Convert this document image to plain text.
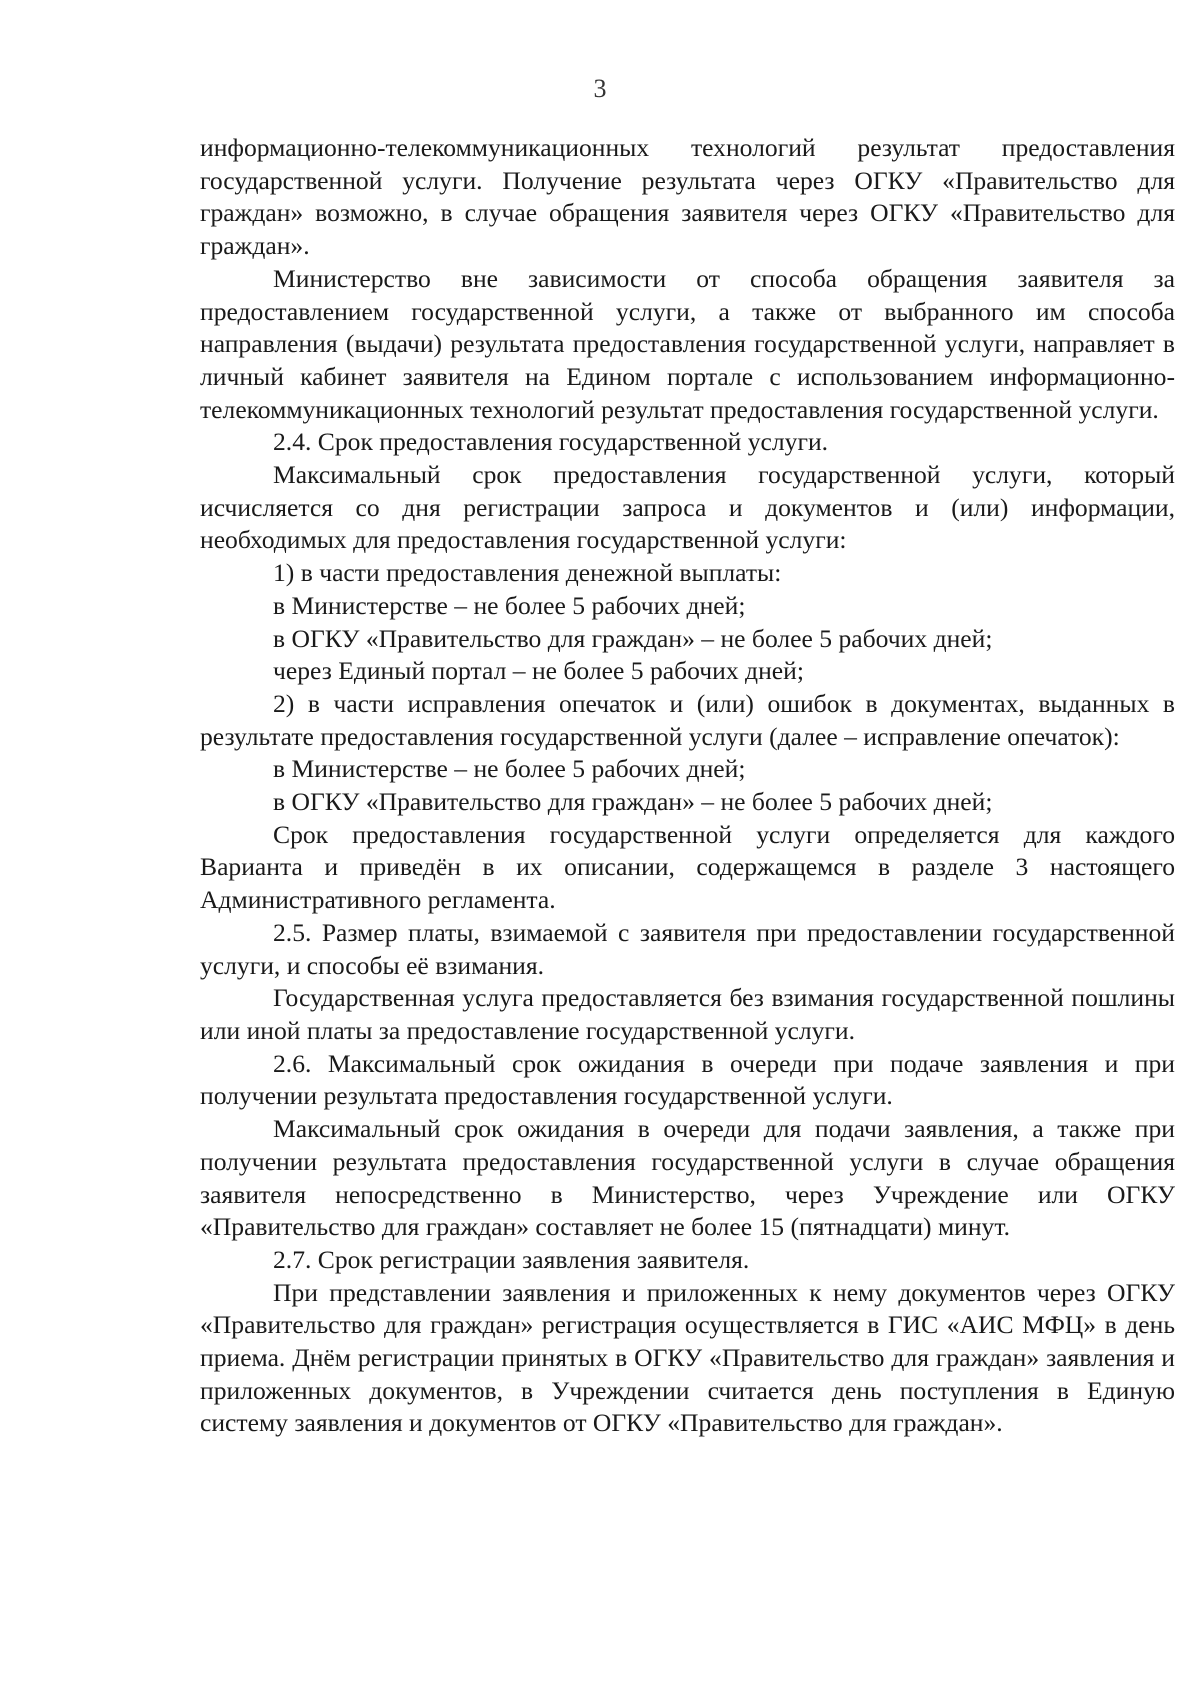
3

информационно-телекоммуникационных технологий результат предоставления государственной услуги. Получение результата через ОГКУ «Правительство для граждан» возможно, в случае обращения заявителя через ОГКУ «Правительство для граждан».

Министерство вне зависимости от способа обращения заявителя за предоставлением государственной услуги, а также от выбранного им способа направления (выдачи) результата предоставления государственной услуги, направляет в личный кабинет заявителя на Едином портале с использованием информационно-телекоммуникационных технологий результат предоставления государственной услуги.

2.4. Срок предоставления государственной услуги.

Максимальный срок предоставления государственной услуги, который исчисляется со дня регистрации запроса и документов и (или) информации, необходимых для предоставления государственной услуги:

1) в части предоставления денежной выплаты:

в Министерстве – не более 5 рабочих дней;

в ОГКУ «Правительство для граждан» – не более 5 рабочих дней;

через Единый портал – не более 5 рабочих дней;

2) в части исправления опечаток и (или) ошибок в документах, выданных в результате предоставления государственной услуги (далее – исправление опечаток):

в Министерстве – не более 5 рабочих дней;

в ОГКУ «Правительство для граждан» – не более 5 рабочих дней;

Срок предоставления государственной услуги определяется для каждого Варианта и приведён в их описании, содержащемся в разделе 3 настоящего Административного регламента.

2.5. Размер платы, взимаемой с заявителя при предоставлении государственной услуги, и способы её взимания.

Государственная услуга предоставляется без взимания государственной пошлины или иной платы за предоставление государственной услуги.

2.6. Максимальный срок ожидания в очереди при подаче заявления и при получении результата предоставления государственной услуги.

Максимальный срок ожидания в очереди для подачи заявления, а также при получении результата предоставления государственной услуги в случае обращения заявителя непосредственно в Министерство, через Учреждение или ОГКУ «Правительство для граждан» составляет не более 15 (пятнадцати) минут.

2.7. Срок регистрации заявления заявителя.

При представлении заявления и приложенных к нему документов через ОГКУ «Правительство для граждан» регистрация осуществляется в ГИС «АИС МФЦ» в день приема. Днём регистрации принятых в ОГКУ «Правительство для граждан» заявления и приложенных документов, в Учреждении считается день поступления в Единую систему заявления и документов от ОГКУ «Правительство для граждан».
